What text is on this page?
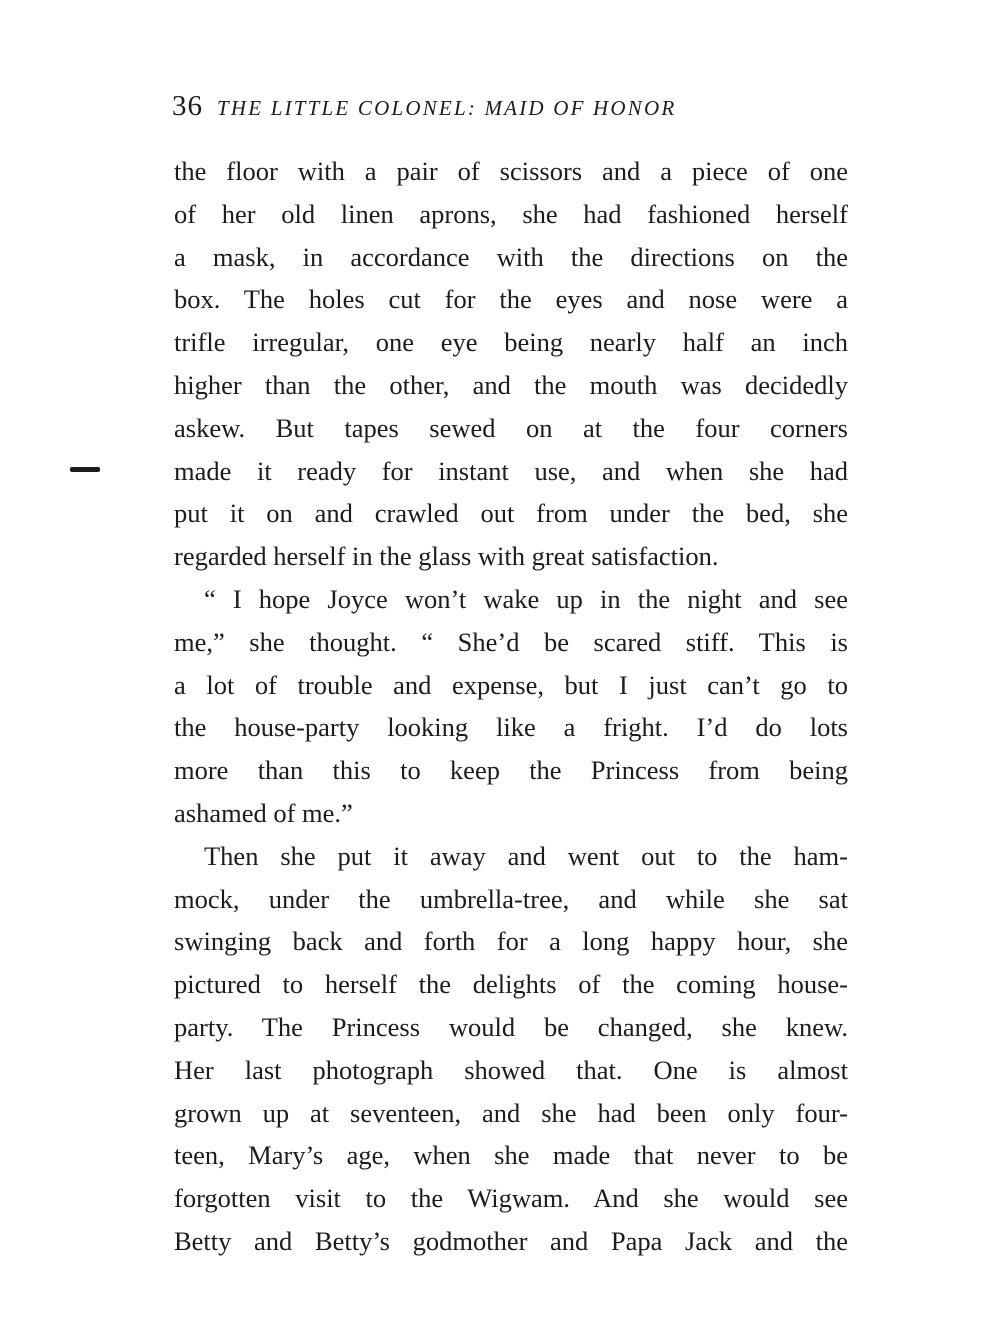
36 THE LITTLE COLONEL: MAID OF HONOR
the floor with a pair of scissors and a piece of one
of her old linen aprons, she had fashioned herself
a mask, in accordance with the directions on the
box. The holes cut for the eyes and nose were a
trifle irregular, one eye being nearly half an inch
higher than the other, and the mouth was decidedly
askew. But tapes sewed on at the four corners
made it ready for instant use, and when she had
put it on and crawled out from under the bed, she
regarded herself in the glass with great satisfaction.
“ I hope Joyce won’t wake up in the night and see
me,” she thought. “ She’d be scared stiff. This is
a lot of trouble and expense, but I just can’t go to
the house-party looking like a fright. I’d do lots
more than this to keep the Princess from being
ashamed of me.”
Then she put it away and went out to the ham-
mock, under the umbrella-tree, and while she sat
swinging back and forth for a long happy hour, she
pictured to herself the delights of the coming house-
party. The Princess would be changed, she knew.
Her last photograph showed that. One is almost
grown up at seventeen, and she had been only four-
teen, Mary’s age, when she made that never to be
forgotten visit to the Wigwam. And she would see
Betty and Betty’s godmother and Papa Jack and the
